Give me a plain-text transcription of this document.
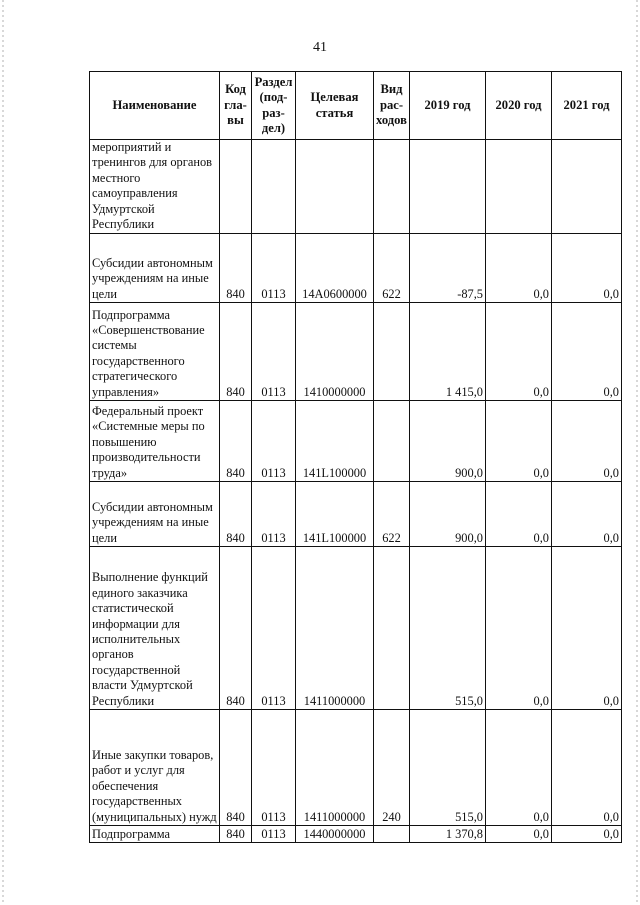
41
Наименование	Код гла-вы	Раздел (под-раз-дел)	Целевая статья	Вид рас-ходов	2019 год	2020 год	2021 год
мероприятий и тренингов для органов местного самоуправления Удмуртской Республики							
Субсидии автономным учреждениям на иные цели	840	0113	14А0600000	622	-87,5	0,0	0,0
Подпрограмма «Совершенствование системы государственного стратегического управления»	840	0113	1410000000		1 415,0	0,0	0,0
Федеральный проект «Системные меры по повышению производительности труда»	840	0113	141L100000		900,0	0,0	0,0
Субсидии автономным учреждениям на иные цели	840	0113	141L100000	622	900,0	0,0	0,0
Выполнение функций единого заказчика статистической информации для исполнительных органов государственной власти Удмуртской Республики	840	0113	1411000000		515,0	0,0	0,0
Иные закупки товаров, работ и услуг для обеспечения государственных (муниципальных) нужд	840	0113	1411000000	240	515,0	0,0	0,0
Подпрограмма	840	0113	1440000000		1 370,8	0,0	0,0
